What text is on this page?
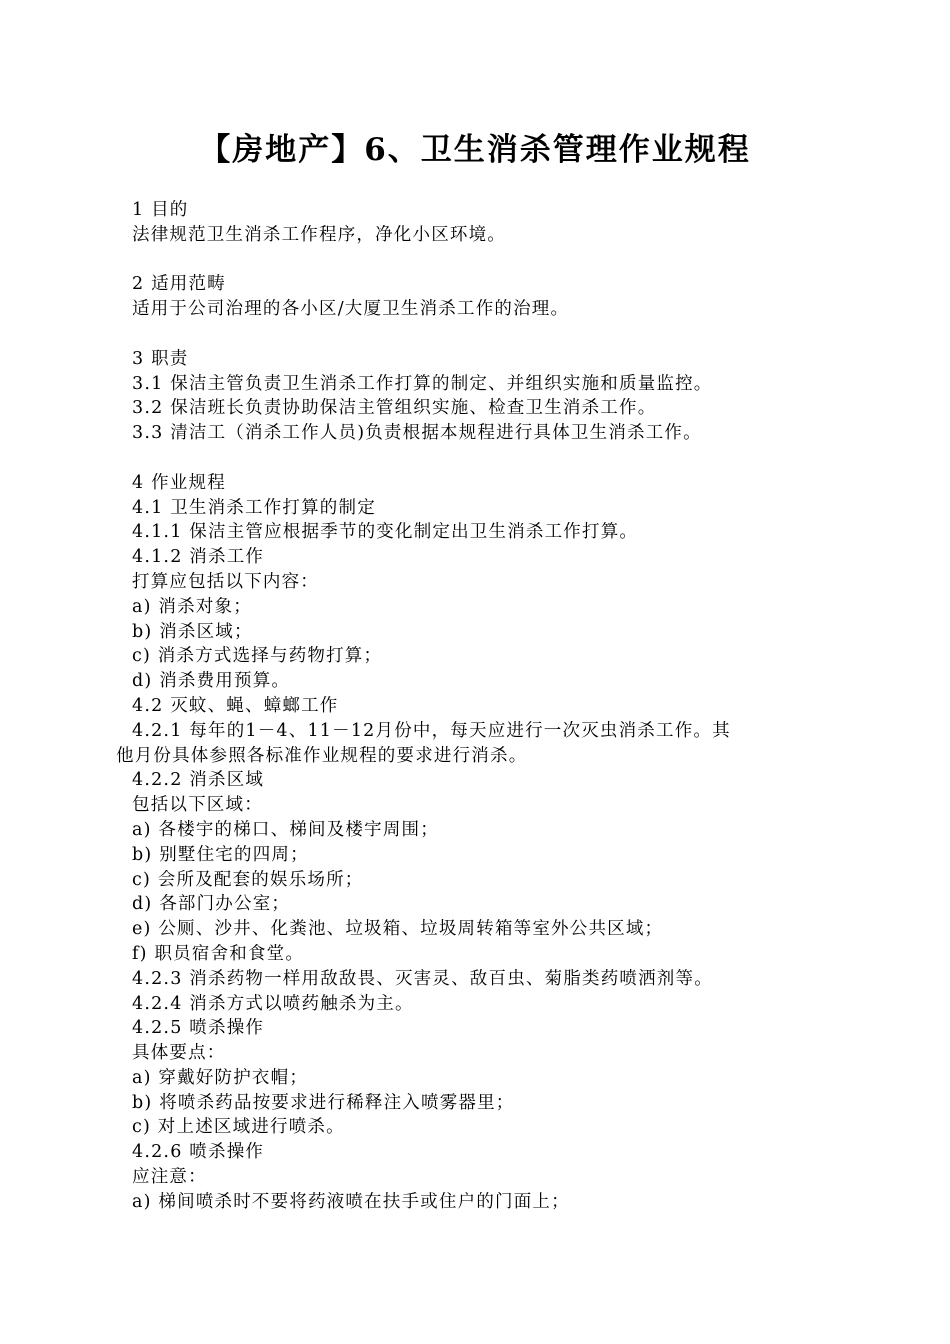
【房地产】6、卫生消杀管理作业规程
1 目的
法律规范卫生消杀工作程序，净化小区环境。
2 适用范畴
适用于公司治理的各小区/大厦卫生消杀工作的治理。
3 职责
3.1 保洁主管负责卫生消杀工作打算的制定、并组织实施和质量监控。
3.2 保洁班长负责协助保洁主管组织实施、检查卫生消杀工作。
3.3 清洁工（消杀工作人员)负责根据本规程进行具体卫生消杀工作。
4 作业规程
4.1 卫生消杀工作打算的制定
4.1.1 保洁主管应根据季节的变化制定出卫生消杀工作打算。
4.1.2 消杀工作
打算应包括以下内容：
a) 消杀对象；
b) 消杀区域；
c) 消杀方式选择与药物打算；
d) 消杀费用预算。
4.2 灭蚊、蝇、蟑螂工作
4.2.1 每年的1－4、11－12月份中，每天应进行一次灭虫消杀工作。其
他月份具体参照各标准作业规程的要求进行消杀。
4.2.2 消杀区域
包括以下区域：
a) 各楼宇的梯口、梯间及楼宇周围；
b) 别墅住宅的四周；
c) 会所及配套的娱乐场所；
d) 各部门办公室；
e) 公厕、沙井、化粪池、垃圾箱、垃圾周转箱等室外公共区域；
f) 职员宿舍和食堂。
4.2.3 消杀药物一样用敌敌畏、灭害灵、敌百虫、菊脂类药喷洒剂等。
4.2.4 消杀方式以喷药触杀为主。
4.2.5 喷杀操作
具体要点：
a) 穿戴好防护衣帽；
b) 将喷杀药品按要求进行稀释注入喷雾器里；
c) 对上述区域进行喷杀。
4.2.6 喷杀操作
应注意：
a) 梯间喷杀时不要将药液喷在扶手或住户的门面上；
